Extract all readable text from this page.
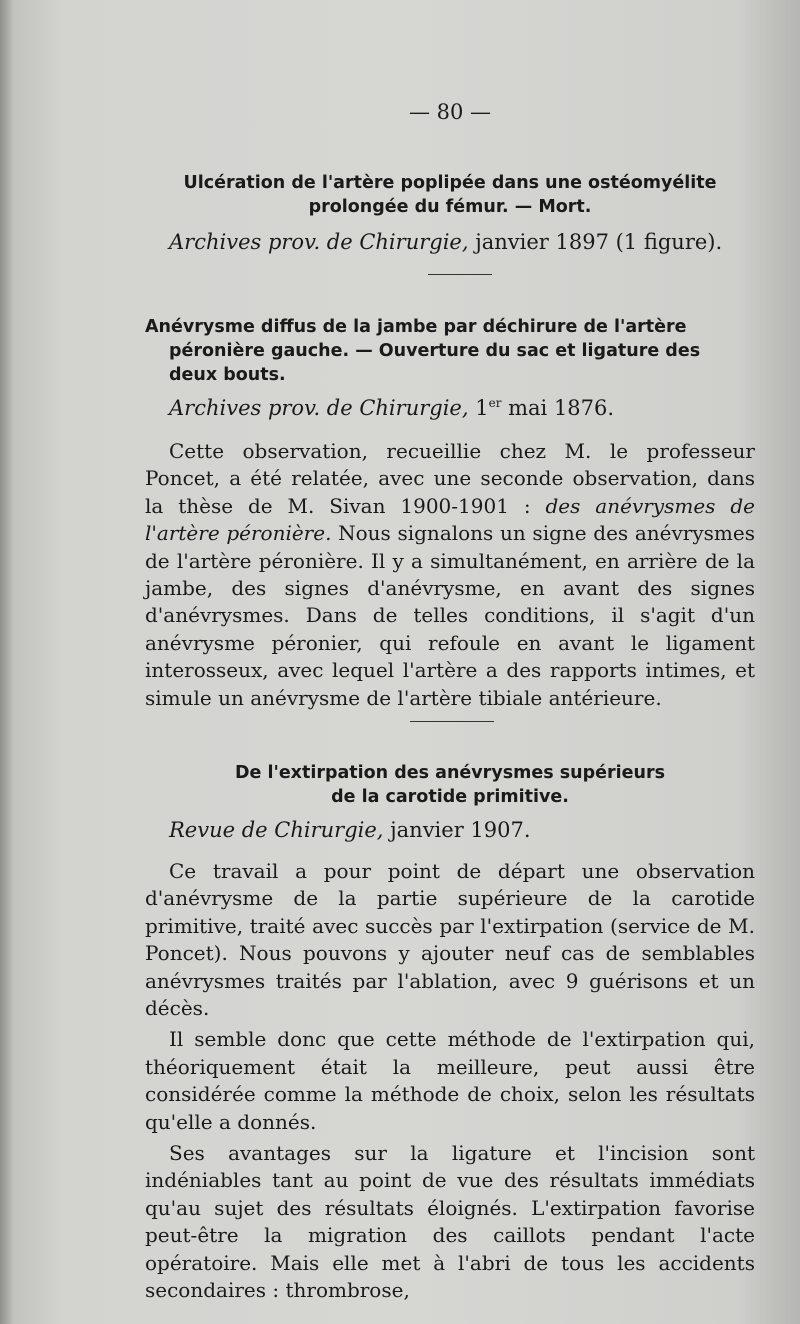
— 80 —
Ulcération de l'artère poplipée dans une ostéomyélite
prolongée du fémur. — Mort.
Archives prov. de Chirurgie, janvier 1897 (1 figure).
Anévrysme diffus de la jambe par déchirure de l'artère
péronière gauche. — Ouverture du sac et ligature des
deux bouts.
Archives prov. de Chirurgie, 1er mai 1876.

Cette observation, recueillie chez M. le professeur Poncet, a été relatée, avec une seconde observation, dans la thèse de M. Sivan 1900-1901 : des anévrysmes de l'artère péronière. Nous signalons un signe des anévrysmes de l'artère péronière. Il y a simultanément, en arrière de la jambe, des signes d'anévrysme, en avant des signes d'anévrysmes. Dans de telles conditions, il s'agit d'un anévrysme péronier, qui refoule en avant le ligament interosseux, avec lequel l'artère a des rapports intimes, et simule un anévrysme de l'artère tibiale antérieure.

De l'extirpation des anévrysmes supérieurs
de la carotide primitive.
Revue de Chirurgie, janvier 1907.

Ce travail a pour point de départ une observation d'anévrysme de la partie supérieure de la carotide primitive, traité avec succès par l'extirpation (service de M. Poncet). Nous pouvons y ajouter neuf cas de semblables anévrysmes traités par l'ablation, avec 9 guérisons et un décès.

Il semble donc que cette méthode de l'extirpation qui, théoriquement était la meilleure, peut aussi être considérée comme la méthode de choix, selon les résultats qu'elle a donnés.

Ses avantages sur la ligature et l'incision sont indéniables tant au point de vue des résultats immédiats qu'au sujet des résultats éloignés. L'extirpation favorise peut-être la migration des caillots pendant l'acte opératoire. Mais elle met à l'abri de tous les accidents secondaires : thrombrose,
